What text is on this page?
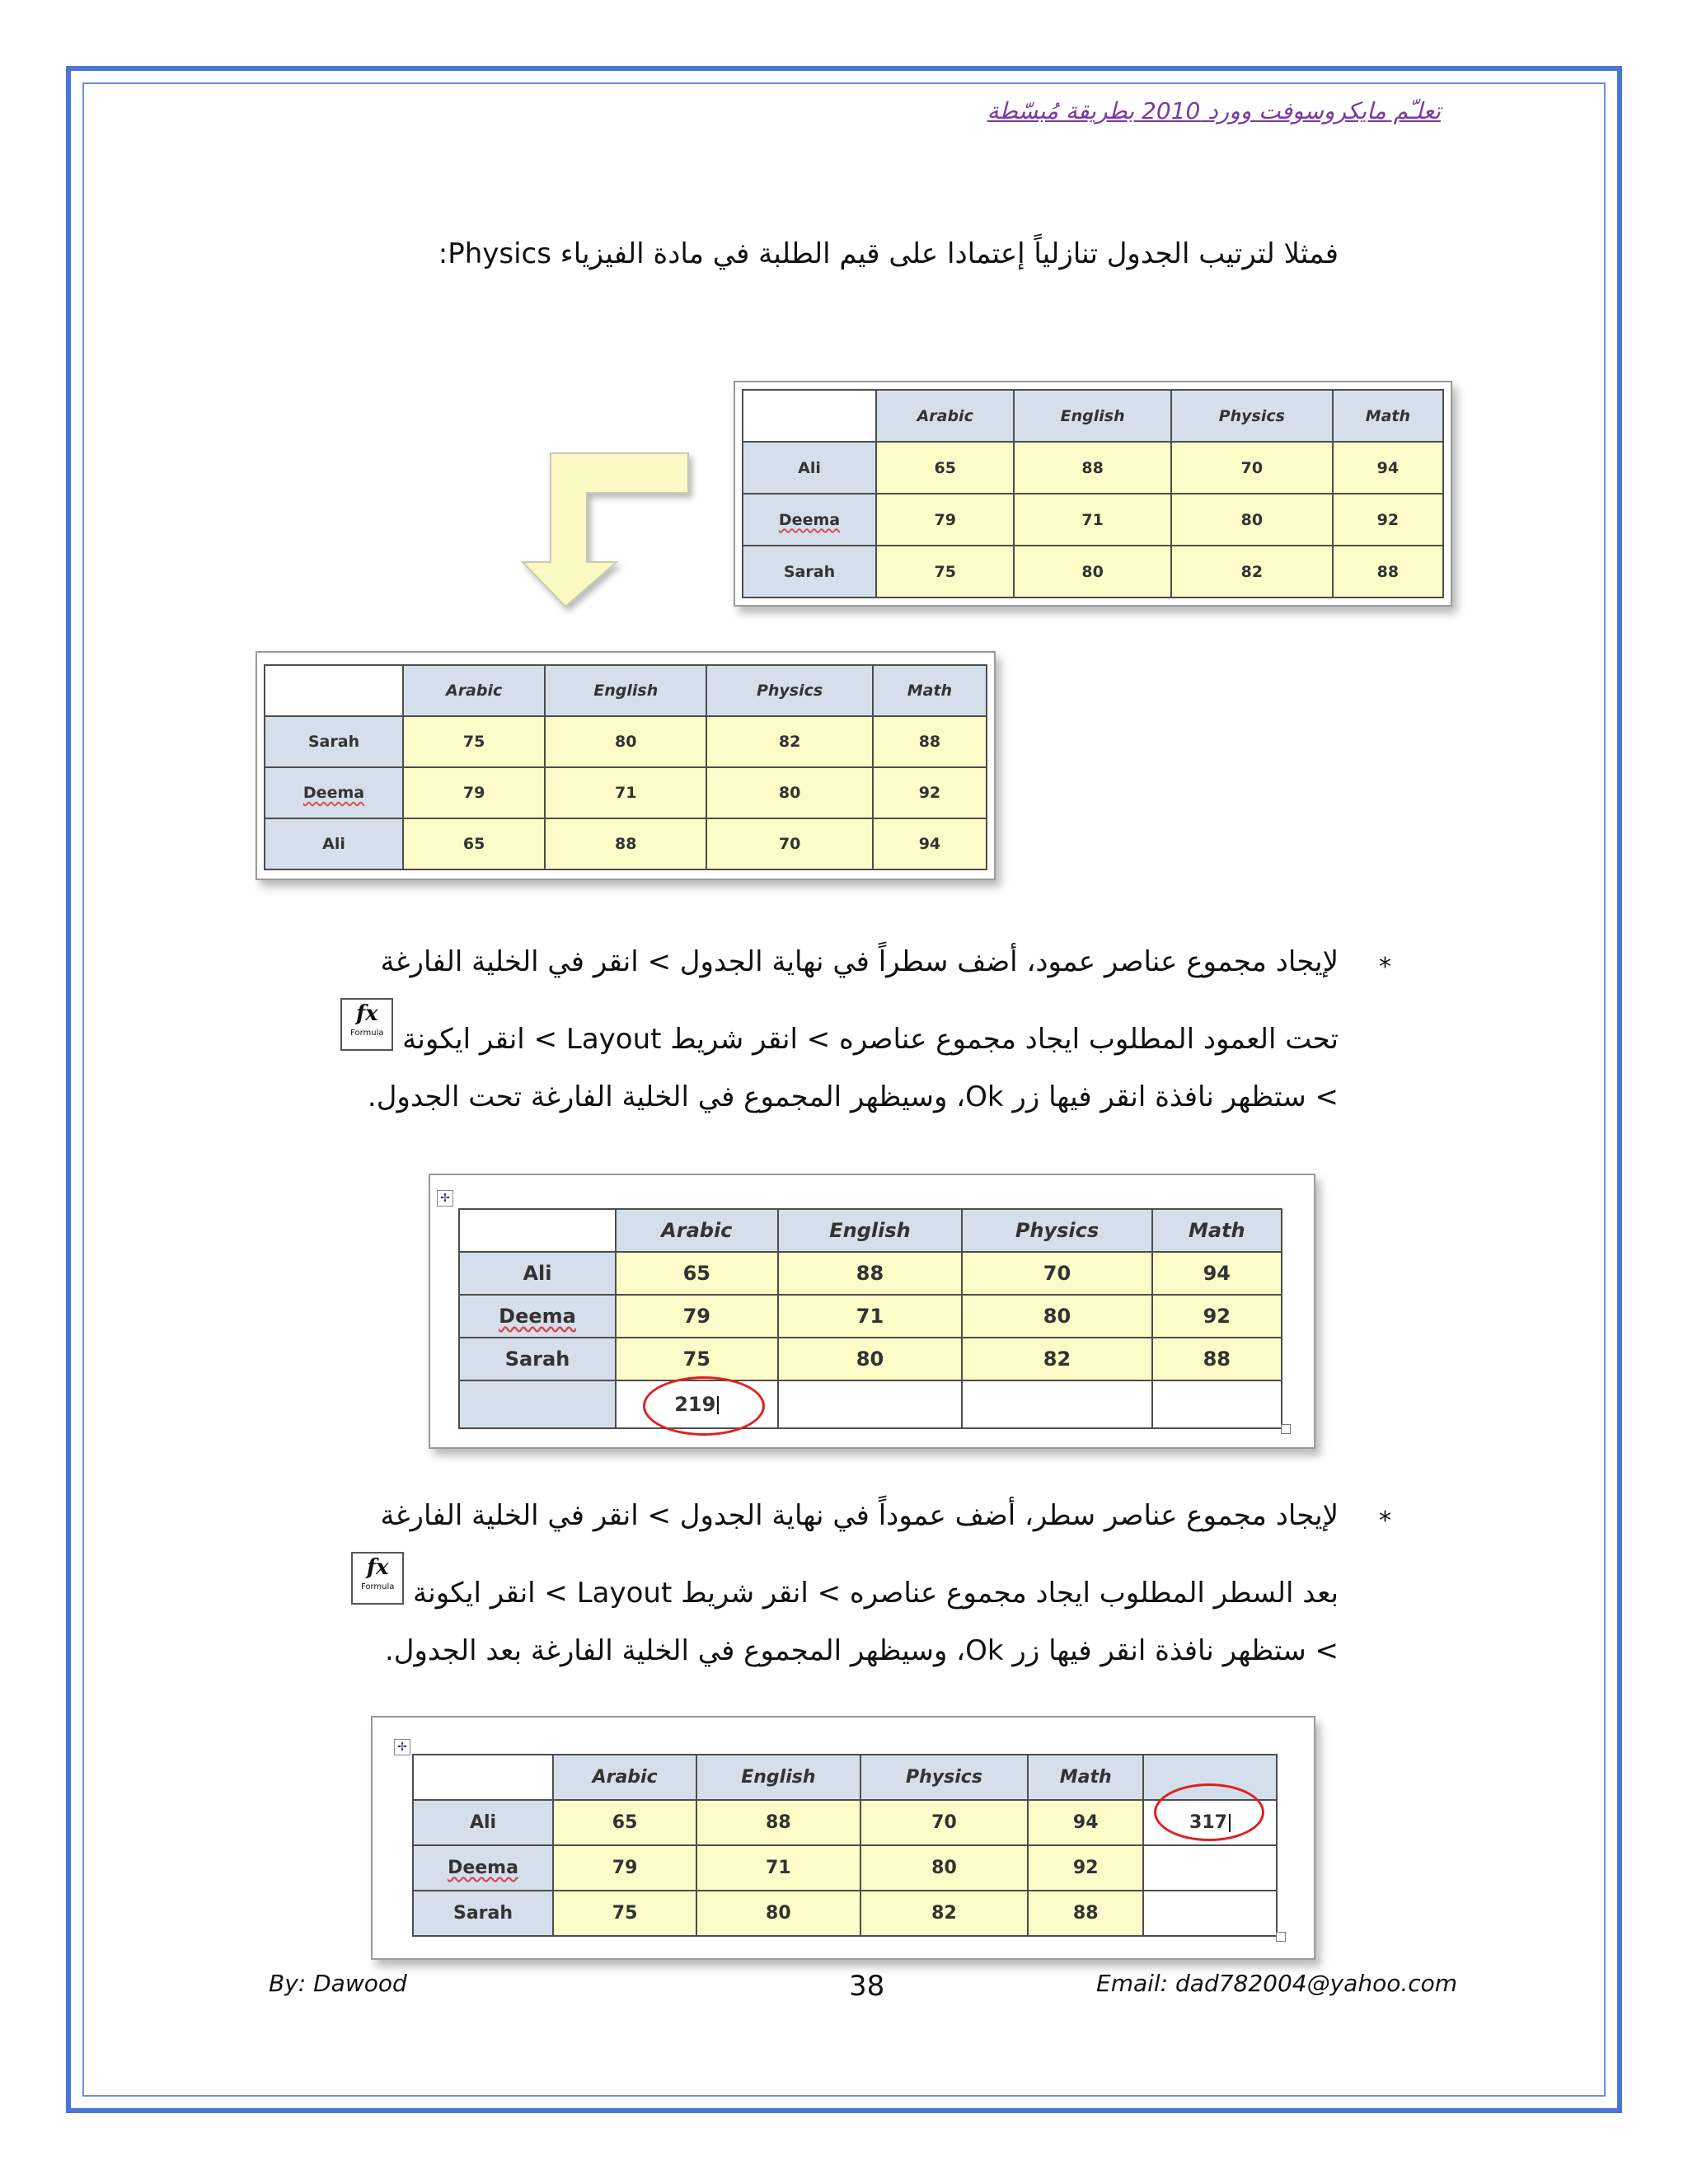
تعلـّم مايكروسوفت وورد 2010 بطريقة مُبسّطة
فمثلا لترتيب الجدول تنازلياً إعتمادا على قيم الطلبة في مادة الفيزياء Physics:
	Arabic	English	Physics	Math
Ali	65	88	70	94
Deema	79	71	80	92
Sarah	75	80	82	88
	Arabic	English	Physics	Math
Sarah	75	80	82	88
Deema	79	71	80	92
Ali	65	88	70	94
*
لإيجاد مجموع عناصر عمود، أضف سطراً في نهاية الجدول > انقر في الخلية الفارغة
تحت العمود المطلوب ايجاد مجموع عناصره > انقر شريط Layout > انقر ايكونة
fx
Formula
> ستظهر نافذة انقر فيها زر Ok، وسيظهر المجموع في الخلية الفارغة تحت الجدول.
✢
	Arabic	English	Physics	Math
Ali	65	88	70	94
Deema	79	71	80	92
Sarah	75	80	82	88
	219			
*
لإيجاد مجموع عناصر سطر، أضف عموداً في نهاية الجدول > انقر في الخلية الفارغة
بعد السطر المطلوب ايجاد مجموع عناصره > انقر شريط Layout > انقر ايكونة
fx
Formula
> ستظهر نافذة انقر فيها زر Ok، وسيظهر المجموع في الخلية الفارغة بعد الجدول.
✢
	Arabic	English	Physics	Math	
Ali	65	88	70	94	317
Deema	79	71	80	92	
Sarah	75	80	82	88	
By: Dawood	38	Email: dad782004@yahoo.com
